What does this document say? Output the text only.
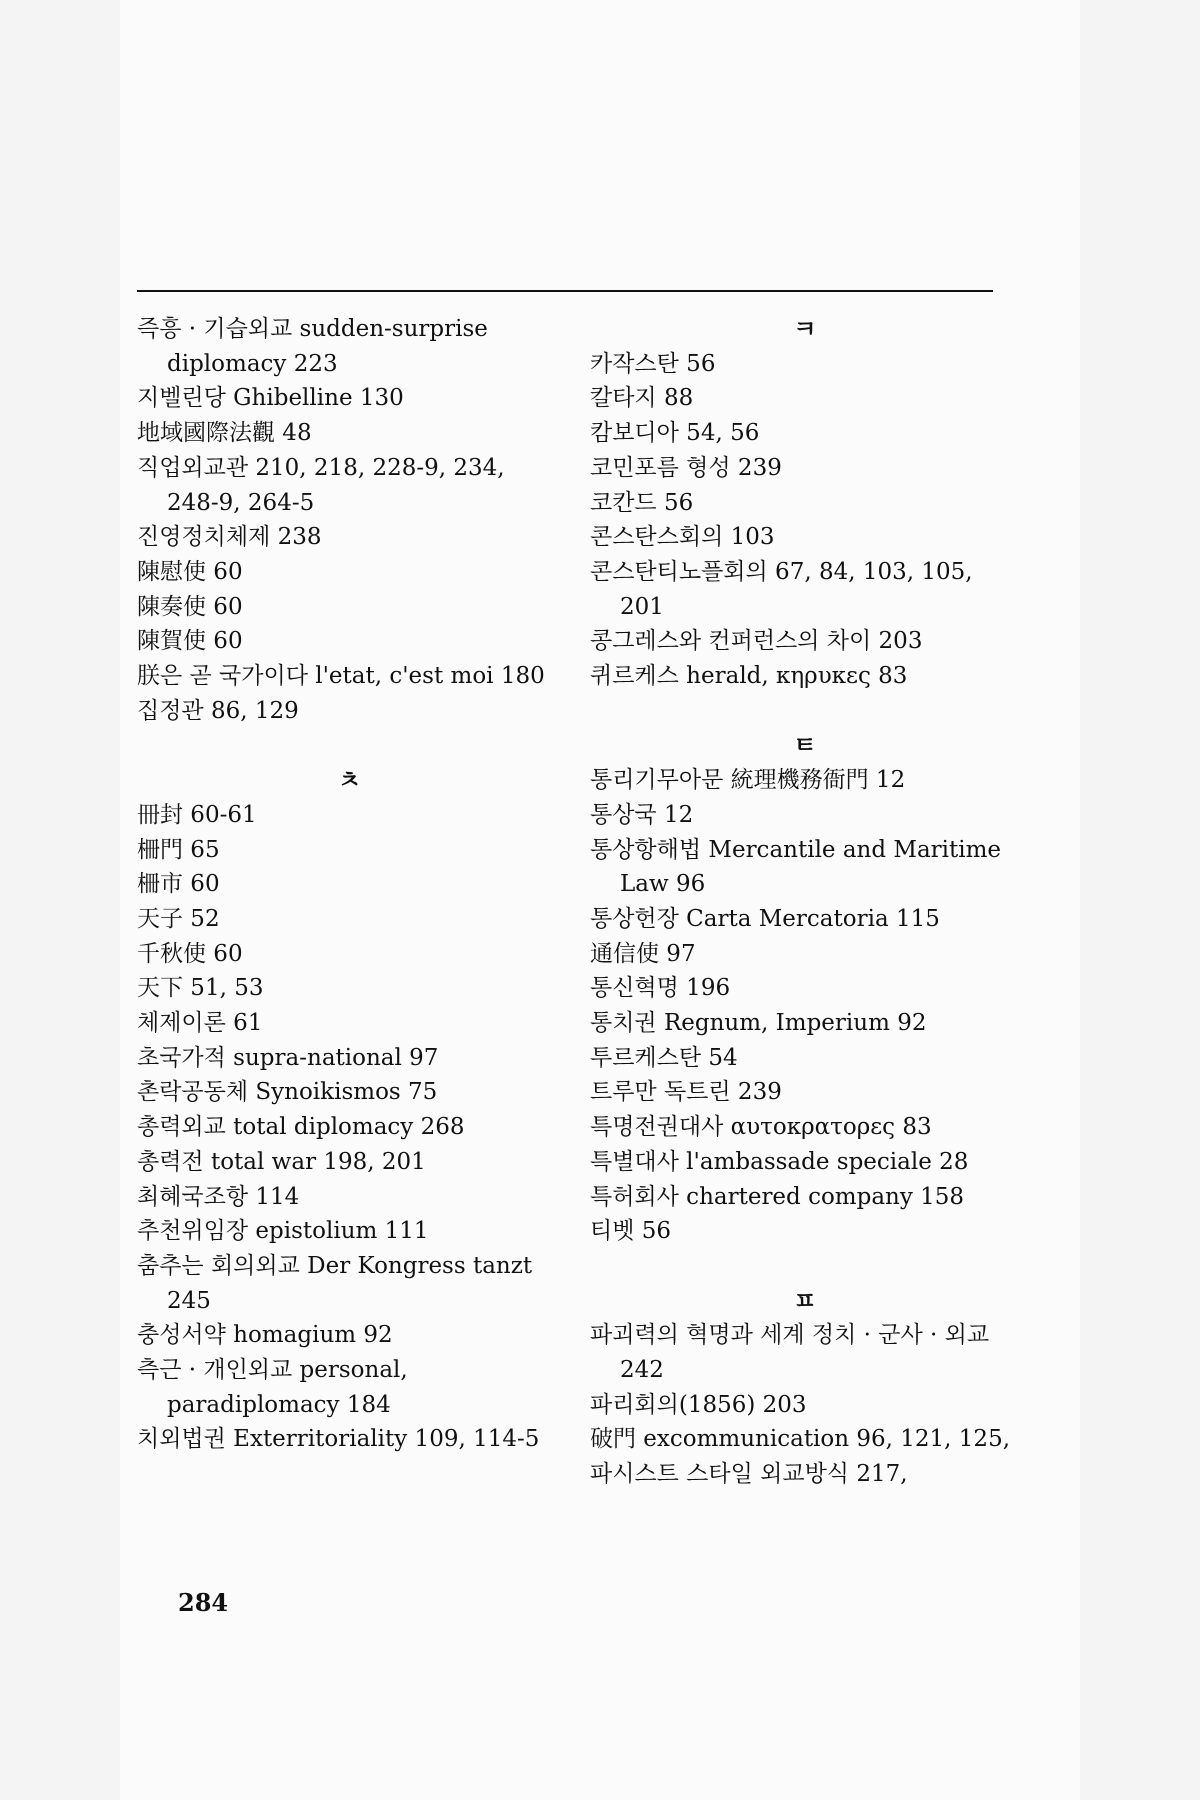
즉흥 · 기습외교 sudden-surprise diplomacy 223
지벨린당 Ghibelline 130
地域國際法觀 48
직업외교관 210, 218, 228-9, 234, 248-9, 264-5
진영정치체제 238
陳慰使 60
陳奏使 60
陳賀使 60
朕은 곧 국가이다 l'etat, c'est moi 180
집정관 86, 129
ㅊ
冊封 60-61
柵門 65
柵市 60
天子 52
千秋使 60
天下 51, 53
체제이론 61
초국가적 supra-national 97
촌락공동체 Synoikismos 75
총력외교 total diplomacy 268
총력전 total war 198, 201
최혜국조항 114
추천위임장 epistolium 111
춤추는 회의외교 Der Kongress tanzt 245
충성서약 homagium 92
측근 · 개인외교 personal, paradiplomacy 184
치외법권 Exterritoriality 109, 114-5
ㅋ
카작스탄 56
칼타지 88
캄보디아 54, 56
코민포름 형성 239
코칸드 56
콘스탄스회의 103
콘스탄티노플회의 67, 84, 103, 105, 201
콩그레스와 컨퍼런스의 차이 203
퀴르케스 herald, κηρυκες 83
ㅌ
통리기무아문 統理機務衙門 12
통상국 12
통상항해법 Mercantile and Maritime Law 96
통상헌장 Carta Mercatoria 115
通信使 97
통신혁명 196
통치권 Regnum, Imperium 92
투르케스탄 54
트루만 독트린 239
특명전권대사 αυτοκρατορες 83
특별대사 l'ambassade speciale 28
특허회사 chartered company 158
티벳 56
ㅍ
파괴력의 혁명과 세계 정치 · 군사 · 외교 242
파리회의(1856) 203
破門 excommunication 96, 121, 125,
파시스트 스타일 외교방식 217,
284
